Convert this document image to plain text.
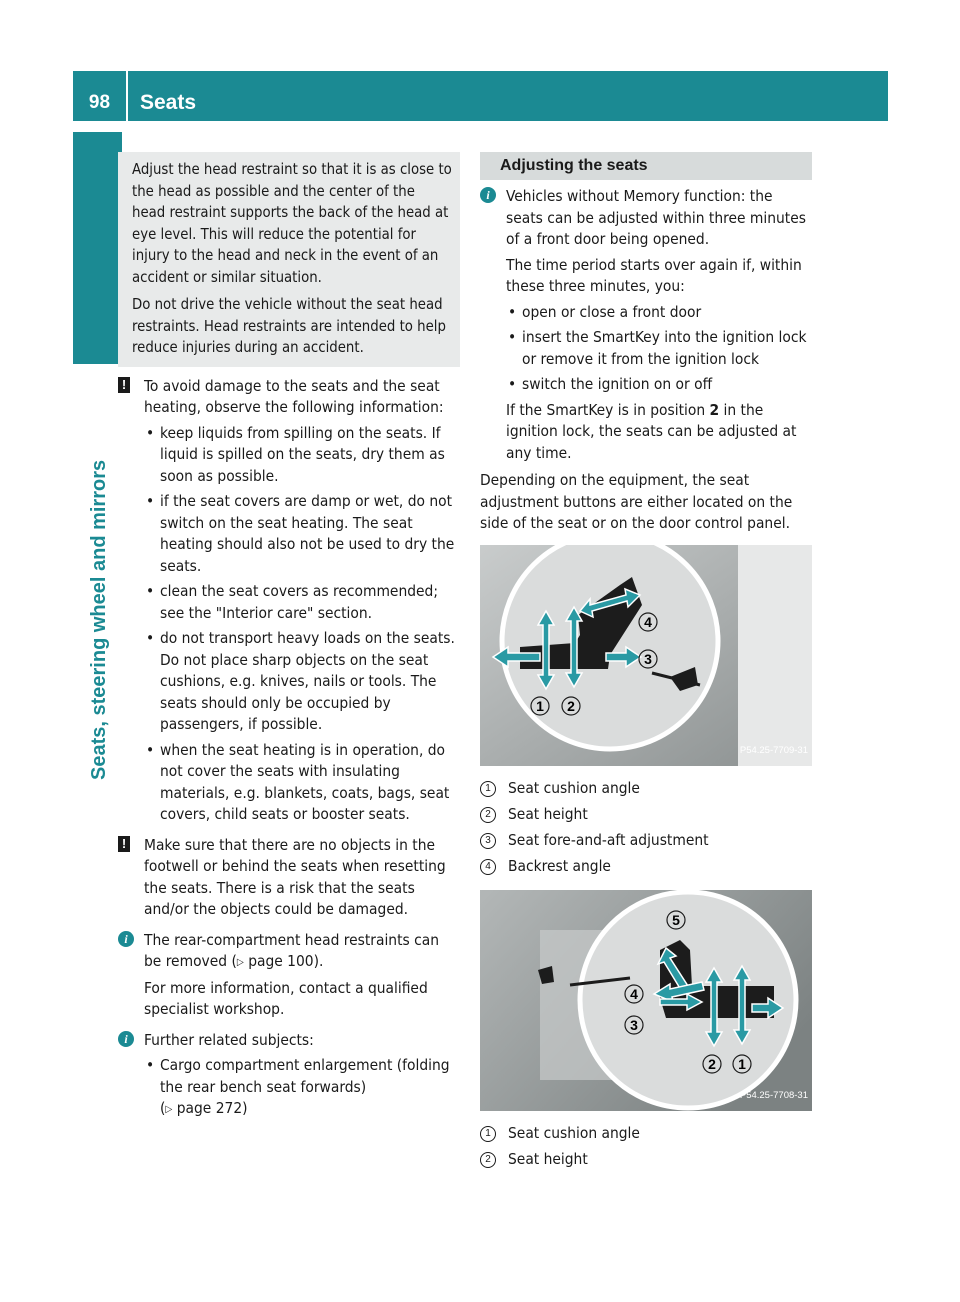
98	Seats
Seats, steering wheel and mirrors

Adjust the head restraint so that it is as close to the head as possible and the center of the head restraint supports the back of the head at eye level. This will reduce the potential for injury to the head and neck in the event of an accident or similar situation.

Do not drive the vehicle without the seat head restraints. Head restraints are intended to help reduce injuries during an accident.

! To avoid damage to the seats and the seat heating, observe the following information:

• keep liquids from spilling on the seats. If liquid is spilled on the seats, dry them as soon as possible.
• if the seat covers are damp or wet, do not switch on the seat heating. The seat heating should also not be used to dry the seats.
• clean the seat covers as recommended; see the "Interior care" section.
• do not transport heavy loads on the seats. Do not place sharp objects on the seat cushions, e.g. knives, nails or tools. The seats should only be occupied by passengers, if possible.
• when the seat heating is in operation, do not cover the seats with insulating materials, e.g. blankets, coats, bags, seat covers, child seats or booster seats.
! Make sure that there are no objects in the footwell or behind the seats when resetting the seats. There is a risk that the seats and/or the objects could be damaged.

i	The rear-compartment head restraints can be removed (▷ page 100).

For more information, contact a qualified specialist workshop.

i	Further related subjects:

• Cargo compartment enlargement (folding the rear bench seat forwards)
(▷ page 272)
Adjusting the seats
i	Vehicles without Memory function: the seats can be adjusted within three minutes of a front door being opened.

The time period starts over again if, within these three minutes, you:

• open or close a front door
• insert the SmartKey into the ignition lock or remove it from the ignition lock
• switch the ignition on or off

If the SmartKey is in position 2 in the ignition lock, the seats can be adjusted at any time.

Depending on the equipment, the seat adjustment buttons are either located on the side of the seat or on the door control panel.

4
3
1 2
P54.25-7709-31
1	Seat cushion angle
2	Seat height
3	Seat fore-and-aft adjustment
4	Backrest angle
5
4
3
2 1
P54.25-7708-31
1	Seat cushion angle
2	Seat height
